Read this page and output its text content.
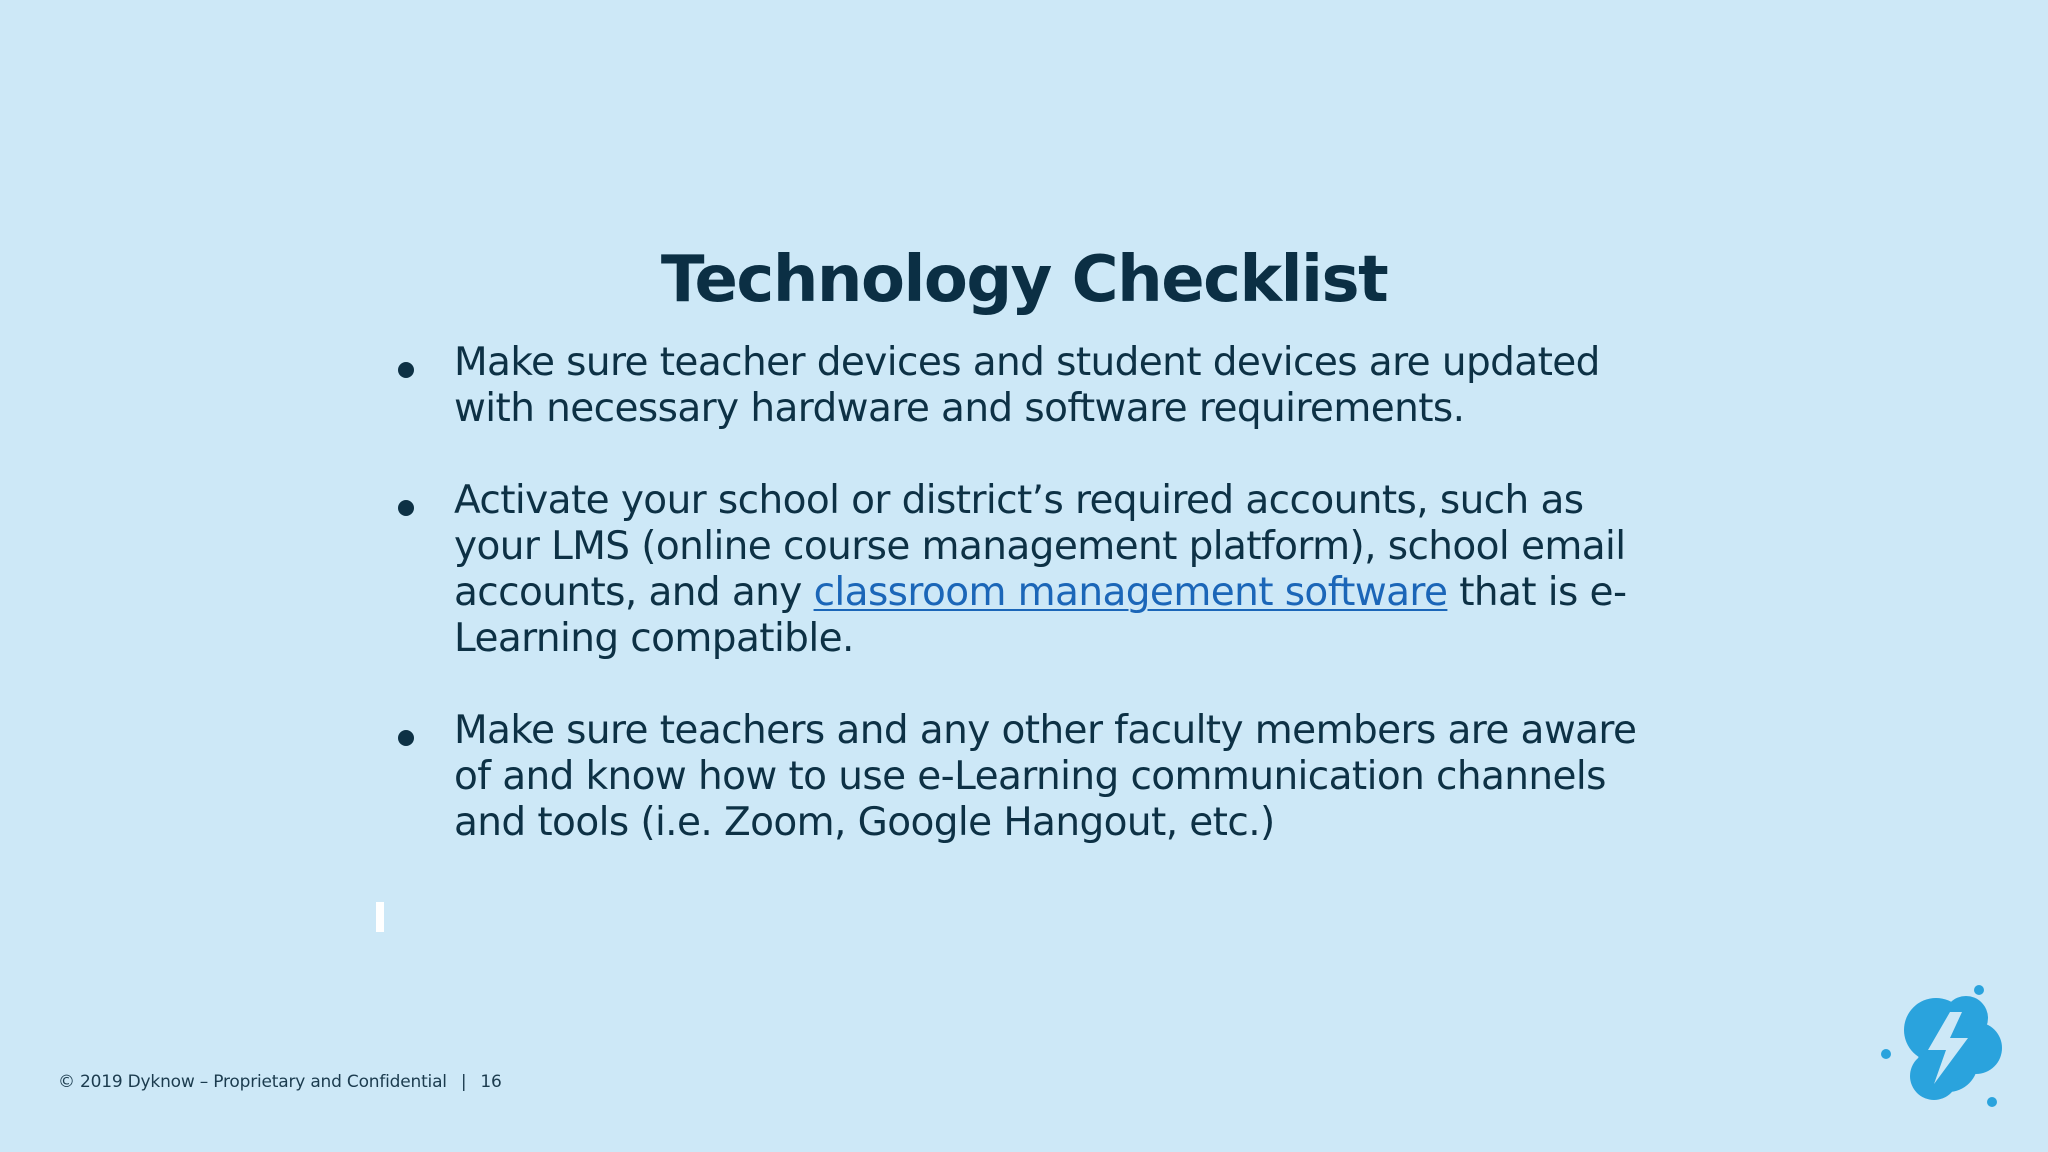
Technology Checklist
Make sure teacher devices and student devices are updated
with necessary hardware and software requirements.
Activate your school or district’s required accounts, such as
your LMS (online course management platform), school email
accounts, and any classroom management software that is e-
Learning compatible.
Make sure teachers and any other faculty members are aware
of and know how to use e-Learning communication channels
and tools (i.e. Zoom, Google Hangout, etc.)
© 2019 Dyknow – Proprietary and Confidential | 16
